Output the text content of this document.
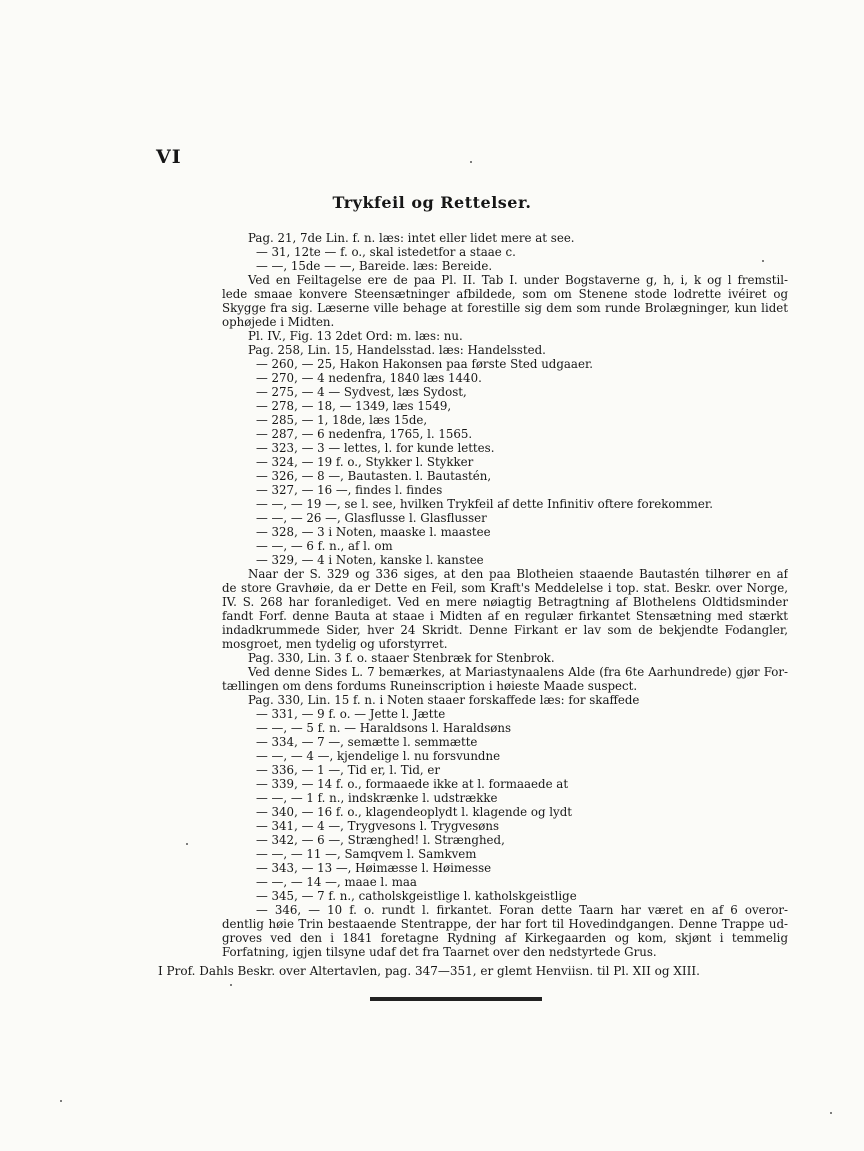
VI
Trykfeil og Rettelser.
Pag. 21, 7de Lin. f. n. læs: intet eller lidet mere at see.
— 31, 12te — f. o., skal istedetfor a staae c.
— —, 15de — —, Bareide. læs: Bereide.
Ved en Feiltagelse ere de paa Pl. II. Tab I. under Bogstaverne g, h, i, k og l fremstil-
lede smaae konvere Steensætninger afbildede, som om Stenene stode lodrette ivéiret og
Skygge fra sig. Læserne ville behage at forestille sig dem som runde Brolægninger, kun lidet
ophøjede i Midten.
Pl. IV., Fig. 13 2det Ord: m. læs: nu.
Pag. 258, Lin. 15, Handelsstad. læs: Handelssted.
— 260, — 25, Hakon Hakonsen paa første Sted udgaaer.
— 270, — 4 nedenfra, 1840 læs 1440.
— 275, — 4 — Sydvest, læs Sydost,
— 278, — 18, — 1349, læs 1549,
— 285, — 1, 18de, læs 15de,
— 287, — 6 nedenfra, 1765, l. 1565.
— 323, — 3 — lettes, l. for kunde lettes.
— 324, — 19 f. o., Stykker l. Stykker
— 326, — 8 —, Bautasten. l. Bautastén,
— 327, — 16 —, findes l. findes
— —, — 19 —, se l. see, hvilken Trykfeil af dette Infinitiv oftere forekommer.
— —, — 26 —, Glasflusse l. Glasflusser
— 328, — 3 i Noten, maaske l. maastee
— —, — 6 f. n., af l. om
— 329, — 4 i Noten, kanske l. kanstee
Naar der S. 329 og 336 siges, at den paa Blotheien staaende Bautastén tilhører en af
de store Gravhøie, da er Dette en Feil, som Kraft's Meddelelse i top. stat. Beskr. over Norge,
IV. S. 268 har foranlediget. Ved en mere nøiagtig Betragtning af Blothelens Oldtidsminder
fandt Forf. denne Bauta at staae i Midten af en regulær firkantet Stensætning med stærkt
indadkrummede Sider, hver 24 Skridt. Denne Firkant er lav som de bekjendte Fodangler,
mosgroet, men tydelig og uforstyrret.
Pag. 330, Lin. 3 f. o. staaer Stenbræk for Stenbrok.
Ved denne Sides L. 7 bemærkes, at Mariastynaalens Alde (fra 6te Aarhundrede) gjør For-
tællingen om dens fordums Runeinscription i høieste Maade suspect.
Pag. 330, Lin. 15 f. n. i Noten staaer forskaffede læs: for skaffede
— 331, — 9 f. o. — Jette l. Jætte
— —, — 5 f. n. — Haraldsons l. Haraldsøns
— 334, — 7 —, semætte l. semmætte
— —, — 4 —, kjendelige l. nu forsvundne
— 336, — 1 —, Tid er, l. Tid, er
— 339, — 14 f. o., formaaede ikke at l. formaaede at
— —, — 1 f. n., indskrænke l. udstrække
— 340, — 16 f. o., klagendeoplydt l. klagende og lydt
— 341, — 4 —, Trygvesons l. Trygvesøns
— 342, — 6 —, Strænghed! l. Strænghed,
— —, — 11 —, Samqvem l. Samkvem
— 343, — 13 —, Høimæsse l. Høimesse
— —, — 14 —, maae l. maa
— 345, — 7 f. n., catholskgeistlige l. katholskgeistlige
— 346, — 10 f. o. rundt l. firkantet. Foran dette Taarn har været en af 6 overor-
dentlig høie Trin bestaaende Stentrappe, der har fort til Hovedindgangen. Denne Trappe ud-
groves ved den i 1841 foretagne Rydning af Kirkegaarden og kom, skjønt i temmelig
Forfatning, igjen tilsyne udaf det fra Taarnet over den nedstyrtede Grus.
I Prof. Dahls Beskr. over Altertavlen, pag. 347—351, er glemt Henviisn. til Pl. XII og XIII.
